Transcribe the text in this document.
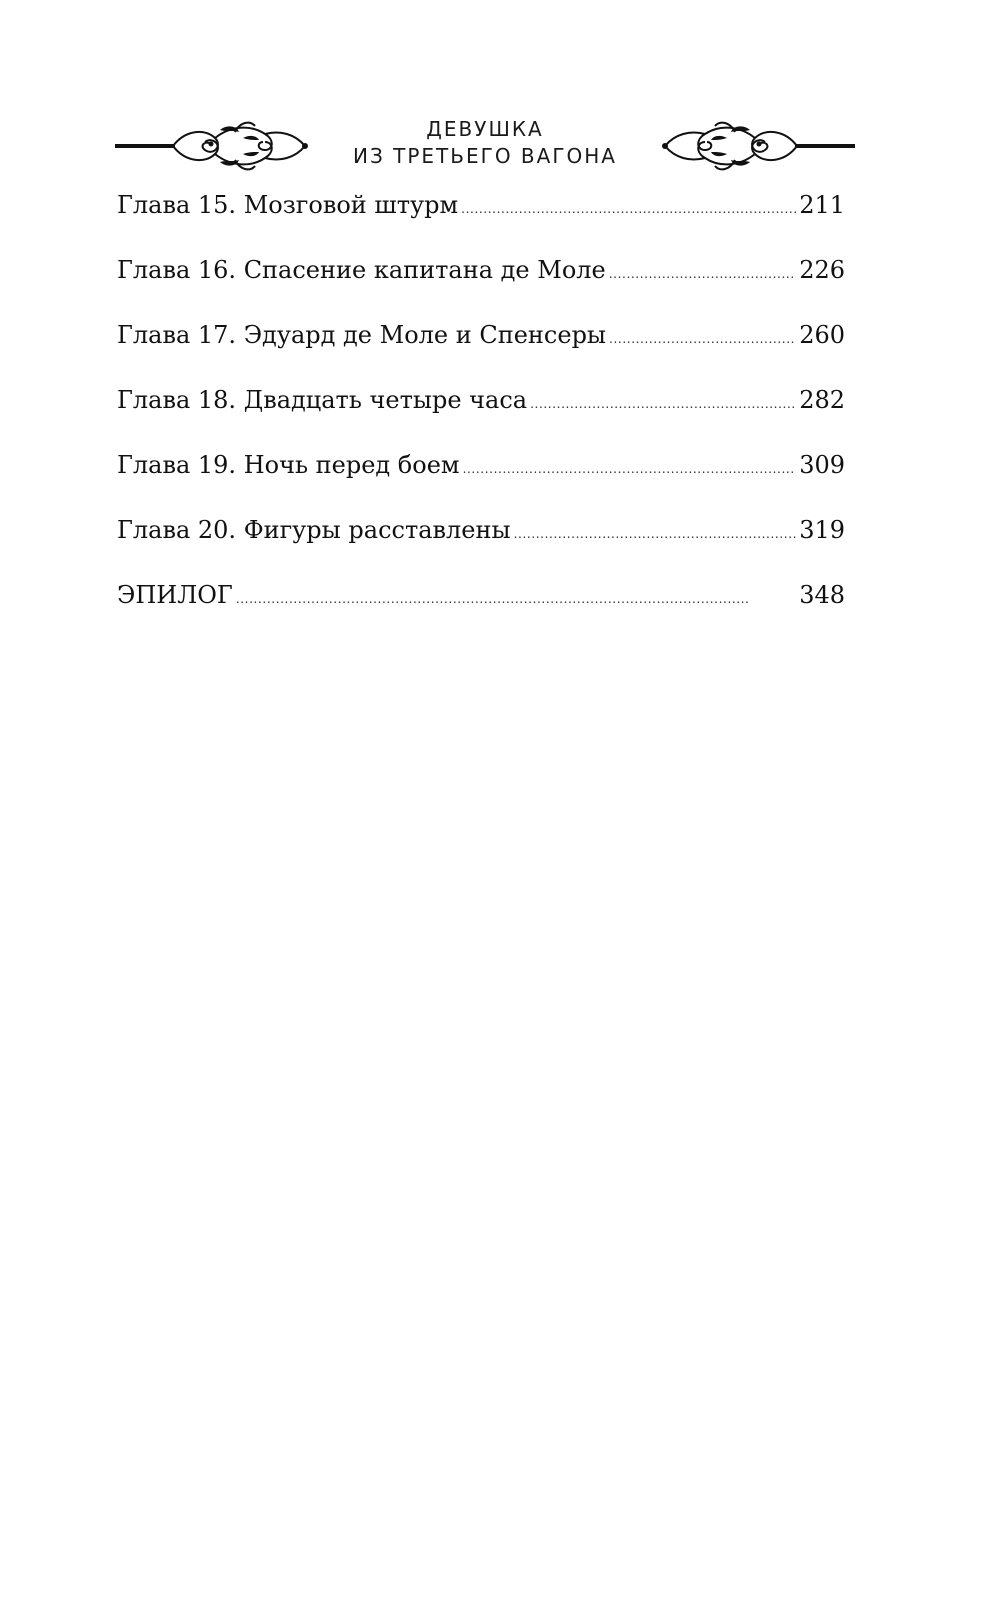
ДЕВУШКА
ИЗ ТРЕТЬЕГО ВАГОНА
Глава 15. Мозговой штурм . . .	211
Глава 16. Спасение капитана де Моле . . .	226
Глава 17. Эдуард де Моле и Спенсеры . . .	260
Глава 18. Двадцать четыре часа . . .	282
Глава 19. Ночь перед боем . . .	309
Глава 20. Фигуры расставлены . . .	319
ЭПИЛОГ . . .	348
